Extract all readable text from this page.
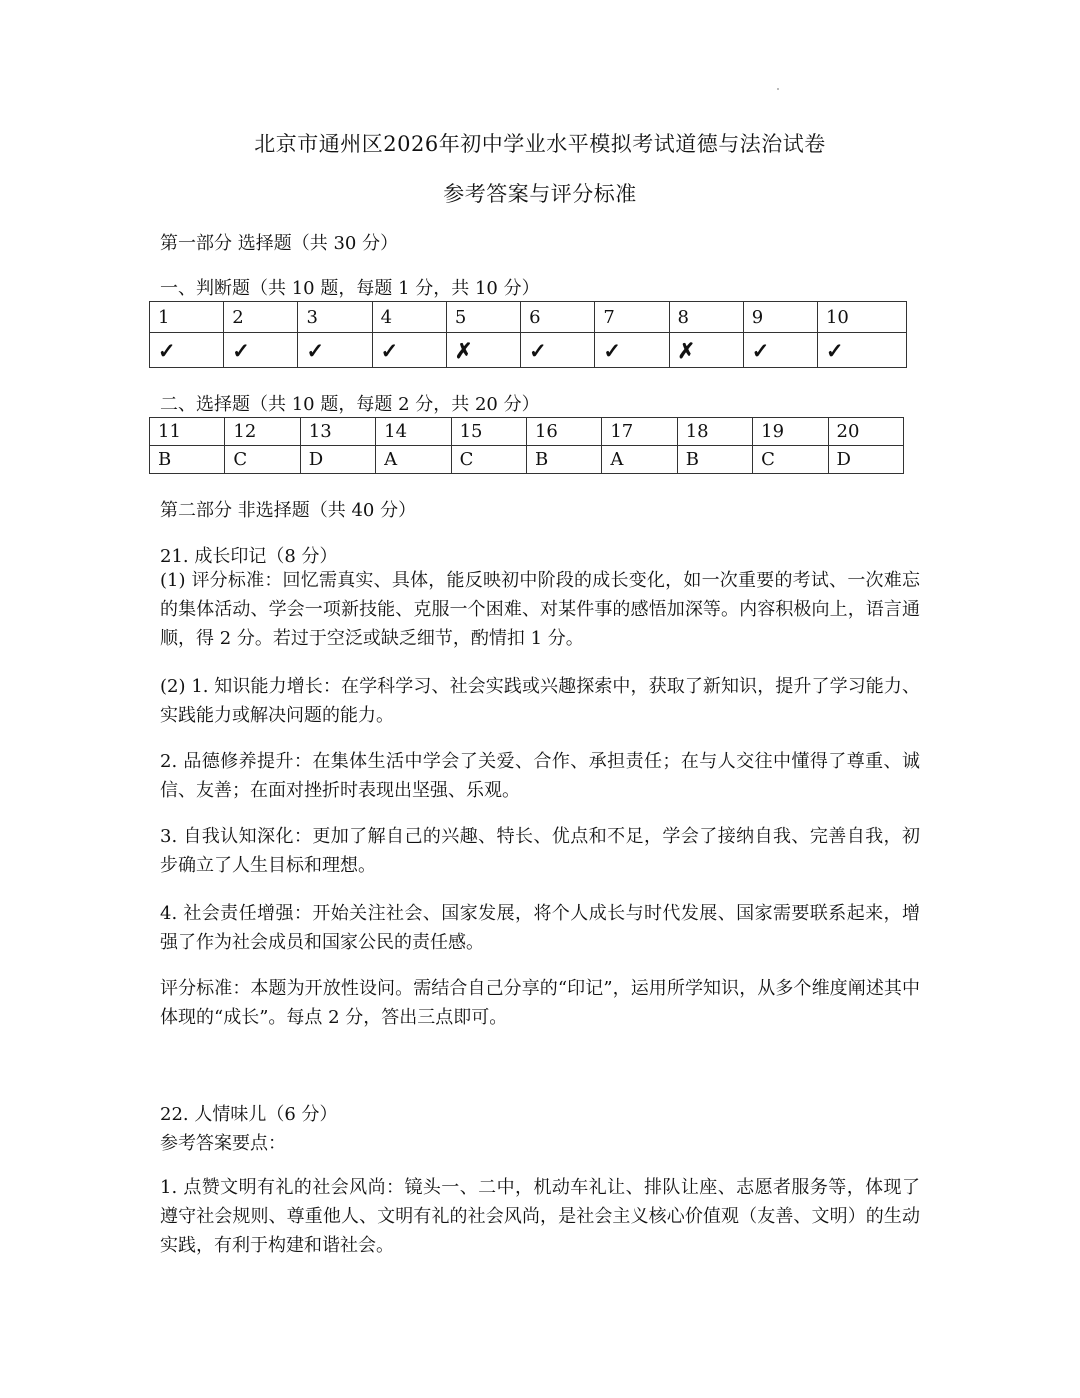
北京市通州区2026年初中学业水平模拟考试道德与法治试卷
参考答案与评分标准
第一部分 选择题（共 30 分）
一、判断题（共 10 题，每题 1 分，共 10 分）
1	2	3	4	5	6	7	8	9	10
✓	✓	✓	✓	✗	✓	✓	✗	✓	✓
二、选择题（共 10 题，每题 2 分，共 20 分）
11	12	13	14	15	16	17	18	19	20
B	C	D	A	C	B	A	B	C	D
第二部分 非选择题（共 40 分）
21. 成长印记（8 分）
(1) 评分标准：回忆需真实、具体，能反映初中阶段的成长变化，如一次重要的考试、一次难忘的集体活动、学会一项新技能、克服一个困难、对某件事的感悟加深等。内容积极向上，语言通顺，得 2 分。若过于空泛或缺乏细节，酌情扣 1 分。
(2) 1. 知识能力增长：在学科学习、社会实践或兴趣探索中，获取了新知识，提升了学习能力、实践能力或解决问题的能力。
2. 品德修养提升：在集体生活中学会了关爱、合作、承担责任；在与人交往中懂得了尊重、诚信、友善；在面对挫折时表现出坚强、乐观。
3. 自我认知深化：更加了解自己的兴趣、特长、优点和不足，学会了接纳自我、完善自我，初步确立了人生目标和理想。
4. 社会责任增强：开始关注社会、国家发展，将个人成长与时代发展、国家需要联系起来，增强了作为社会成员和国家公民的责任感。
评分标准：本题为开放性设问。需结合自己分享的“印记”，运用所学知识，从多个维度阐述其中体现的“成长”。每点 2 分，答出三点即可。
22. 人情味儿（6 分）
参考答案要点：
1. 点赞文明有礼的社会风尚：镜头一、二中，机动车礼让、排队让座、志愿者服务等，体现了遵守社会规则、尊重他人、文明有礼的社会风尚，是社会主义核心价值观（友善、文明）的生动实践，有利于构建和谐社会。
